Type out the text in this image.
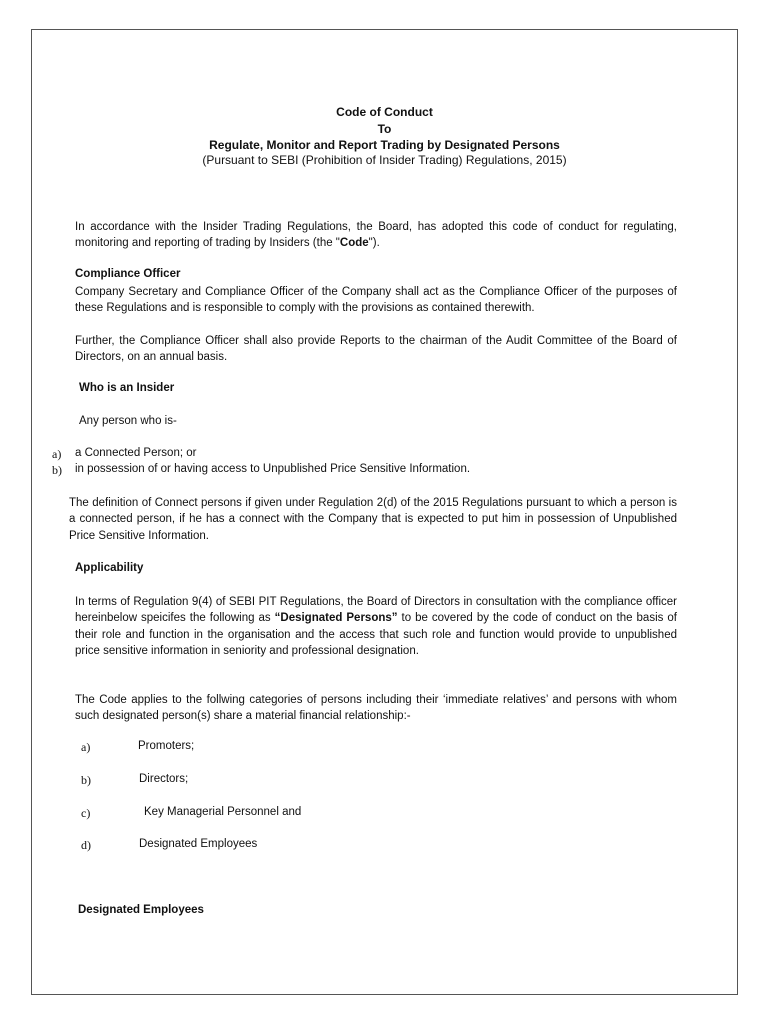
Code of Conduct

To

Regulate, Monitor and Report Trading by Designated Persons

(Pursuant to SEBI (Prohibition of Insider Trading) Regulations, 2015)

In accordance with the Insider Trading Regulations, the Board, has adopted this code of conduct for regulating, monitoring and reporting of trading by Insiders (the "Code").

Compliance Officer

Company Secretary and Compliance Officer of the Company shall act as the Compliance Officer of the purposes of these Regulations and is responsible to comply with the provisions as contained therewith.

Further, the Compliance Officer shall also provide Reports to the chairman of the Audit Committee of the Board of Directors, on an annual basis.

Who is an Insider

Any person who is-

a) a Connected Person; or

b) in possession of or having access to Unpublished Price Sensitive Information.

The definition of Connect persons if given under Regulation 2(d) of the 2015 Regulations pursuant to which a person is a connected person, if he has a connect with the Company that is expected to put him in possession of Unpublished Price Sensitive Information.

Applicability

In terms of Regulation 9(4) of SEBI PIT Regulations, the Board of Directors in consultation with the compliance officer hereinbelow speicifes the following as “Designated Persons” to be covered by the code of conduct on the basis of their role and function in the organisation and the access that such role and function would provide to unpublished price sensitive information in seniority and professional designation.

The Code applies to the follwing categories of persons including their ‘immediate relatives’ and persons with whom such designated person(s) share a material financial relationship:-

a)	Promoters;

b)	Directors;

c)	Key Managerial Personnel and

d)	Designated Employees

Designated Employees
